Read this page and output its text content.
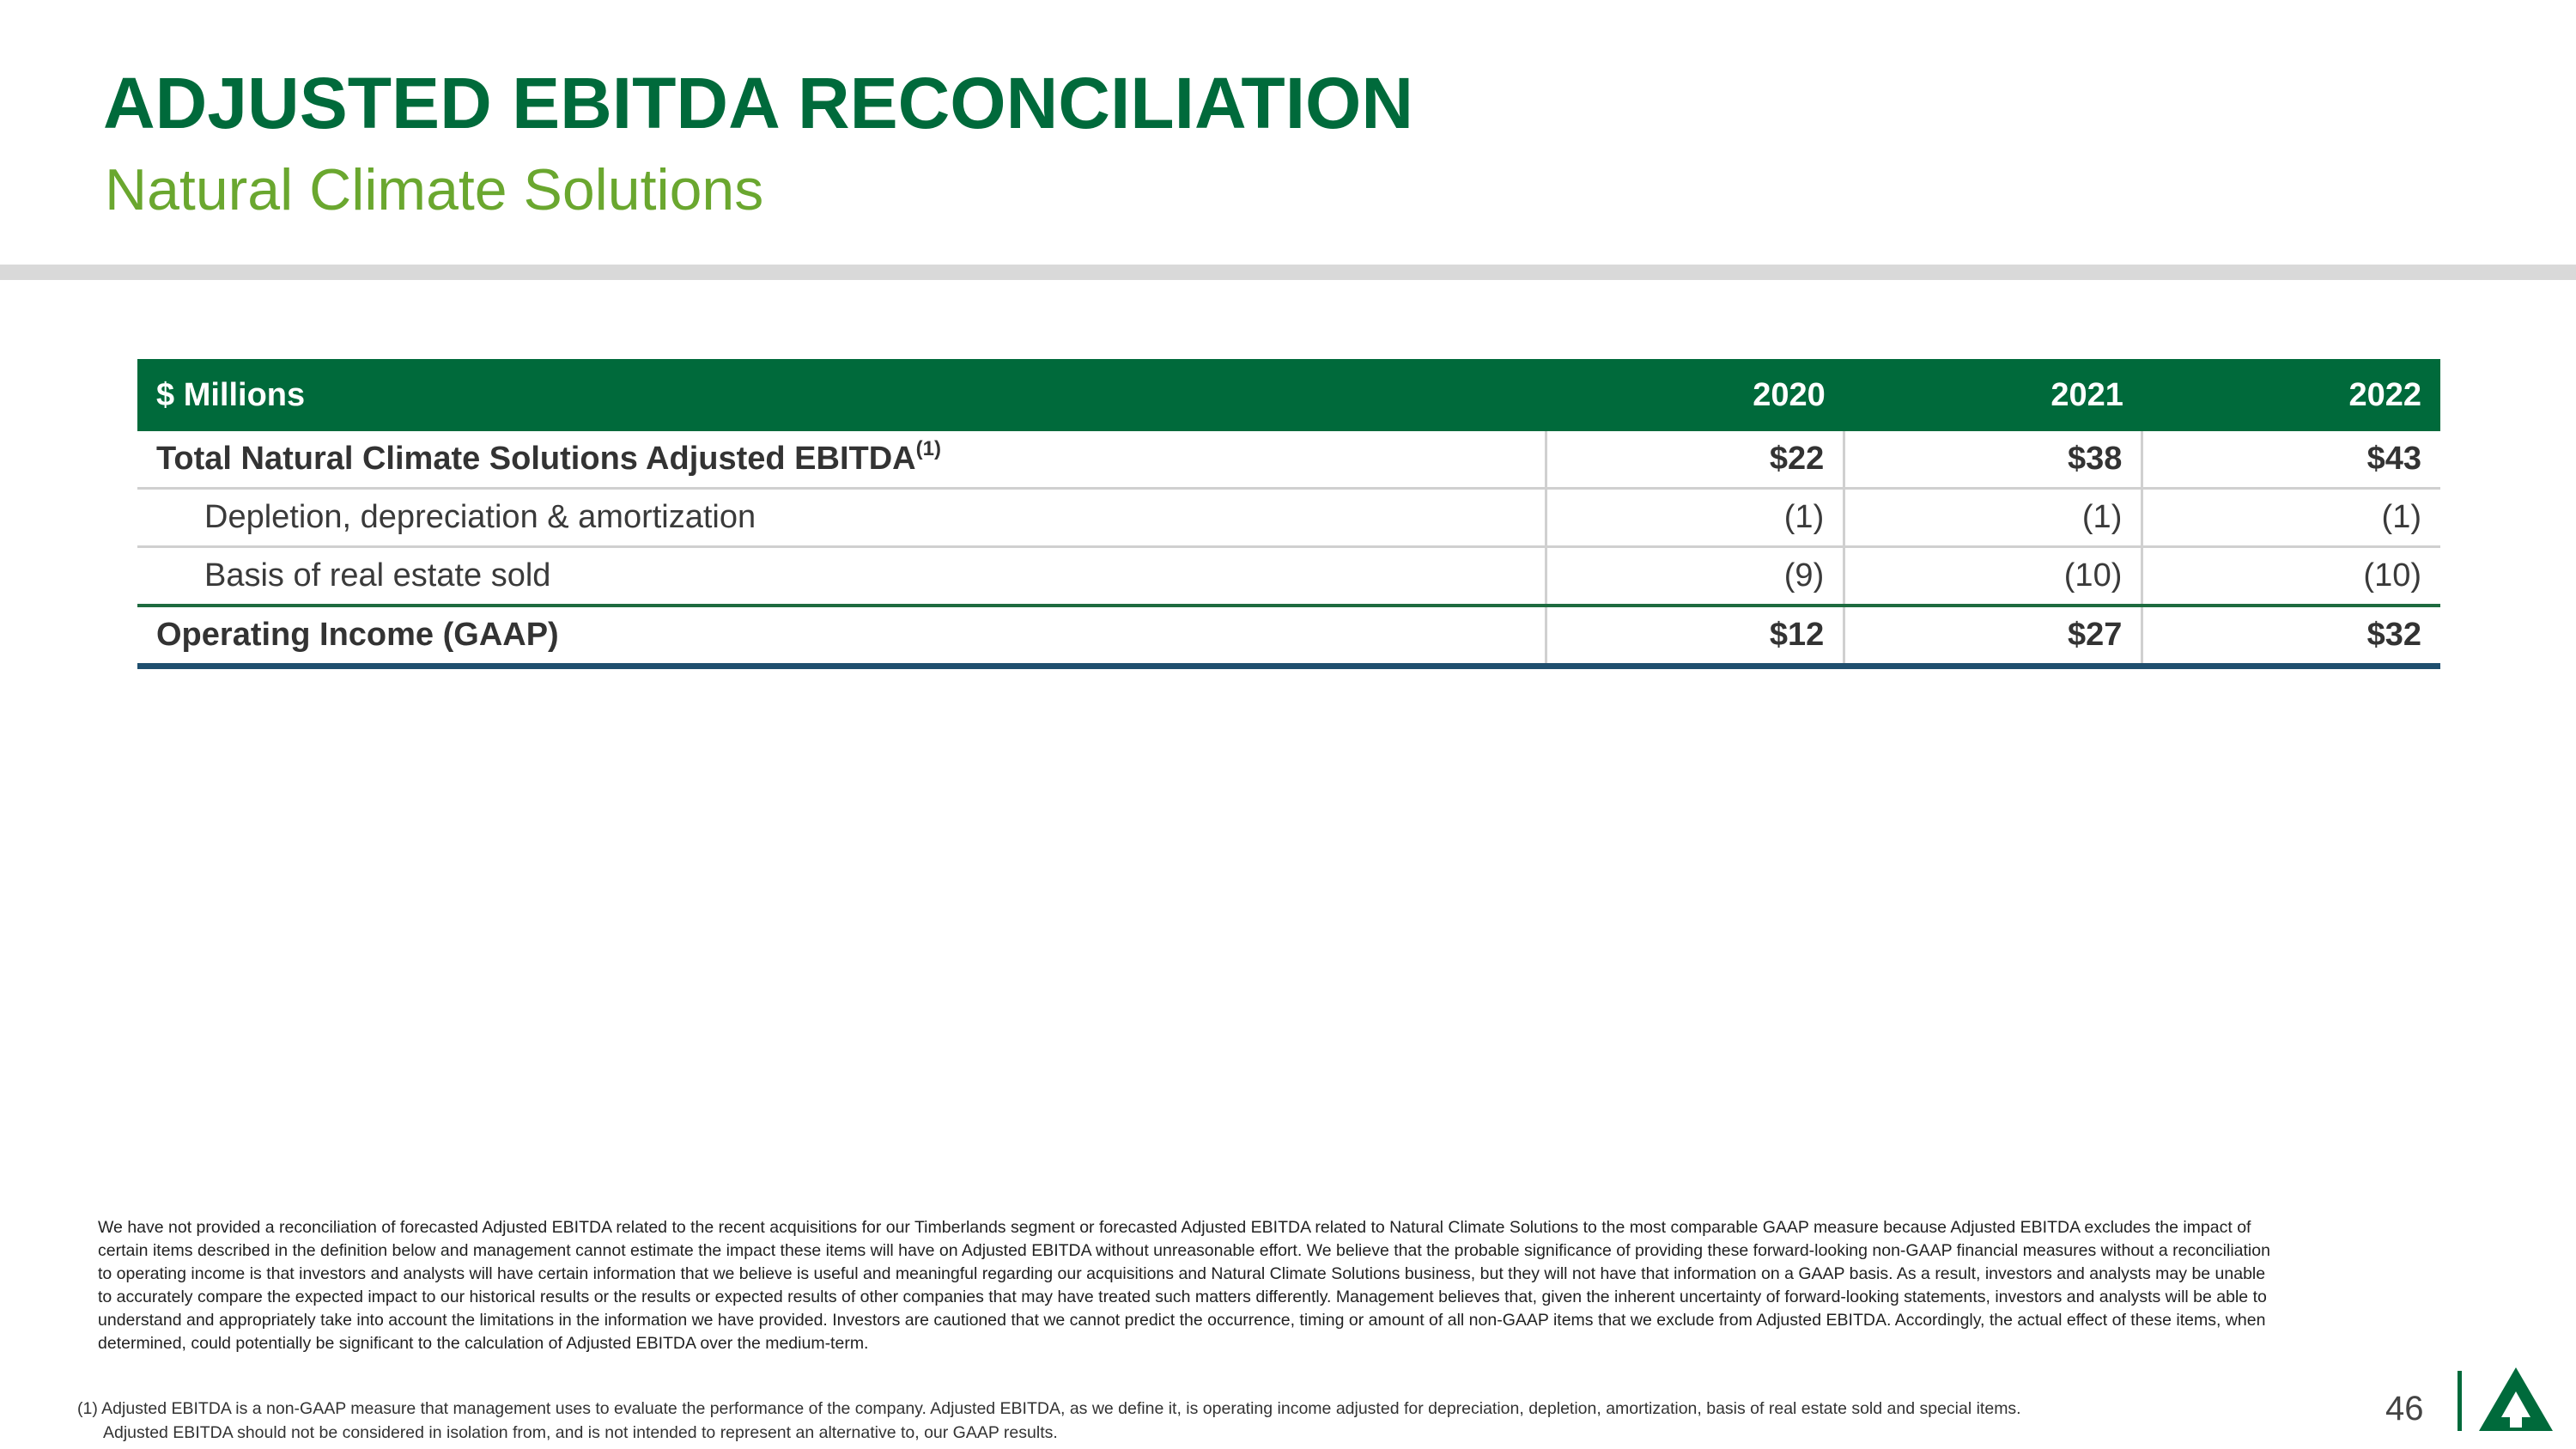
ADJUSTED EBITDA RECONCILIATION
Natural Climate Solutions
$ Millions	2020	2021	2022
Total Natural Climate Solutions Adjusted EBITDA$^{(1)}$	$22	$38	$43
Depletion, depreciation & amortization	(1)	(1)	(1)
Basis of real estate sold	(9)	(10)	(10)
Operating Income (GAAP)	$12	$27	$32
We have not provided a reconciliation of forecasted Adjusted EBITDA related to the recent acquisitions for our Timberlands segment or forecasted Adjusted EBITDA related to Natural Climate Solutions to the most comparable GAAP measure because Adjusted EBITDA excludes the impact of certain items described in the definition below and management cannot estimate the impact these items will have on Adjusted EBITDA without unreasonable effort. We believe that the probable significance of providing these forward-looking non-GAAP financial measures without a reconciliation to operating income is that investors and analysts will have certain information that we believe is useful and meaningful regarding our acquisitions and Natural Climate Solutions business, but they will not have that information on a GAAP basis. As a result, investors and analysts may be unable to accurately compare the expected impact to our historical results or the results or expected results of other companies that may have treated such matters differently. Management believes that, given the inherent uncertainty of forward-looking statements, investors and analysts will be able to understand and appropriately take into account the limitations in the information we have provided. Investors are cautioned that we cannot predict the occurrence, timing or amount of all non-GAAP items that we exclude from Adjusted EBITDA. Accordingly, the actual effect of these items, when determined, could potentially be significant to the calculation of Adjusted EBITDA over the medium-term.
(1) Adjusted EBITDA is a non-GAAP measure that management uses to evaluate the performance of the company. Adjusted EBITDA, as we define it, is operating income adjusted for depreciation, depletion, amortization, basis of real estate sold and special items.
Adjusted EBITDA should not be considered in isolation from, and is not intended to represent an alternative to, our GAAP results.
46
